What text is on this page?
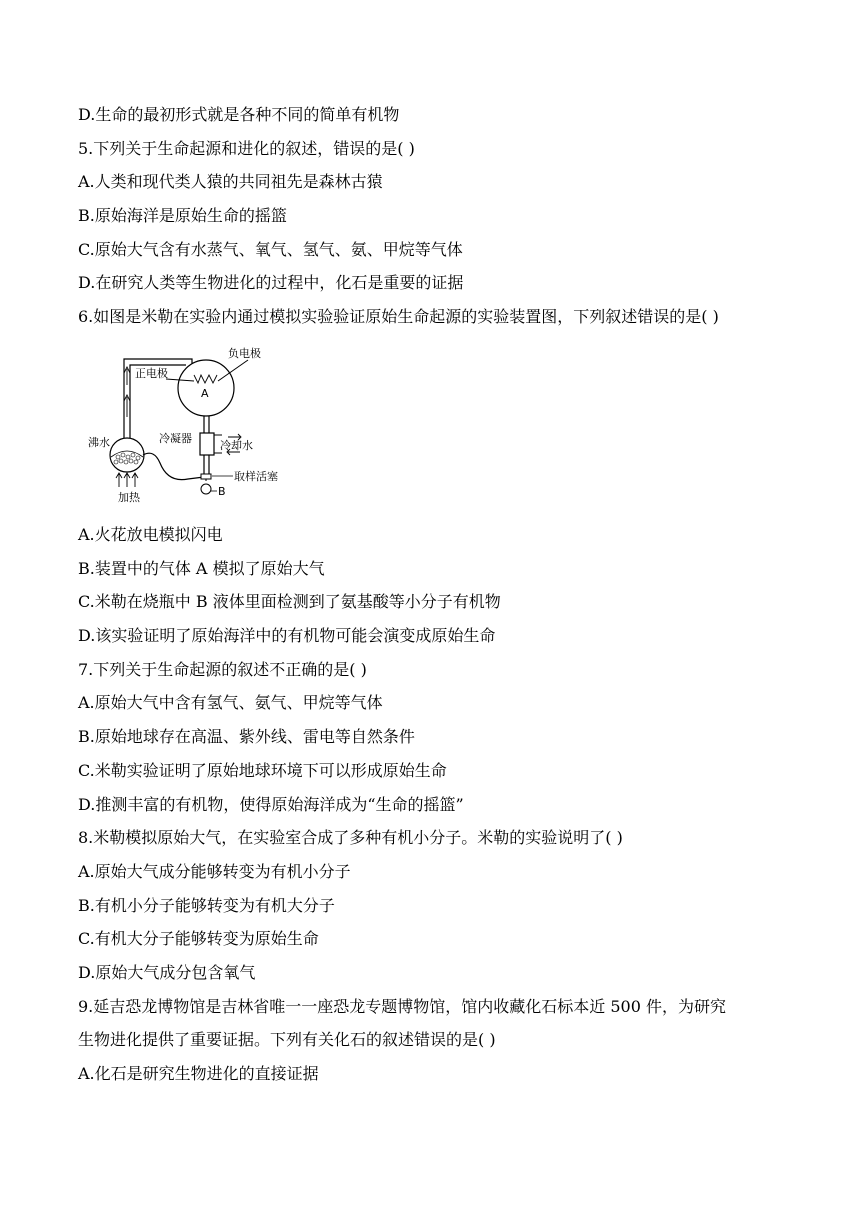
D.生命的最初形式就是各种不同的简单有机物
5.下列关于生命起源和进化的叙述，错误的是( )
A.人类和现代类人猿的共同祖先是森林古猿
B.原始海洋是原始生命的摇篮
C.原始大气含有水蒸气、氧气、氢气、氨、甲烷等气体
D.在研究人类等生物进化的过程中，化石是重要的证据
6.如图是米勒在实验内通过模拟实验验证原始生命起源的实验装置图，下列叙述错误的是( )
负电极
正电极
A
冷凝器
冷却水
沸水
加热
取样活塞
B
A.火花放电模拟闪电
B.装置中的气体 A 模拟了原始大气
C.米勒在烧瓶中 B 液体里面检测到了氨基酸等小分子有机物
D.该实验证明了原始海洋中的有机物可能会演变成原始生命
7.下列关于生命起源的叙述不正确的是( )
A.原始大气中含有氢气、氨气、甲烷等气体
B.原始地球存在高温、紫外线、雷电等自然条件
C.米勒实验证明了原始地球环境下可以形成原始生命
D.推测丰富的有机物，使得原始海洋成为“生命的摇篮”
8.米勒模拟原始大气，在实验室合成了多种有机小分子。米勒的实验说明了( )
A.原始大气成分能够转变为有机小分子
B.有机小分子能够转变为有机大分子
C.有机大分子能够转变为原始生命
D.原始大气成分包含氧气
9.延吉恐龙博物馆是吉林省唯一一座恐龙专题博物馆，馆内收藏化石标本近 500 件，为研究
生物进化提供了重要证据。下列有关化石的叙述错误的是( )
A.化石是研究生物进化的直接证据
